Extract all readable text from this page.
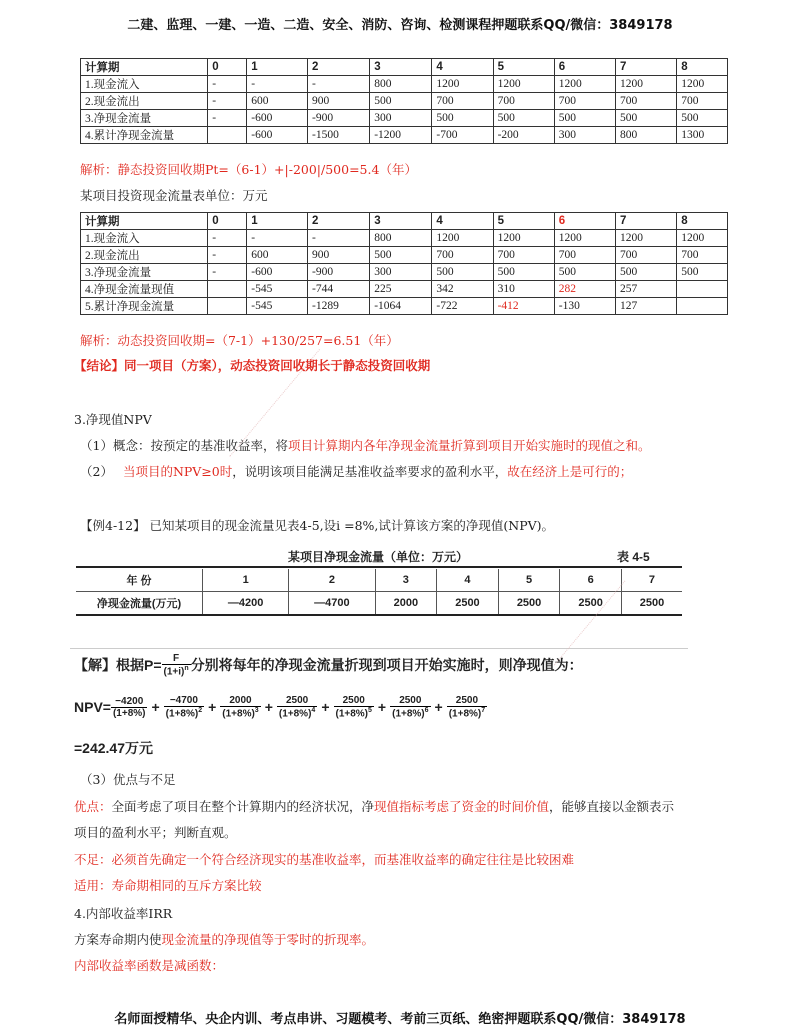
二建、监理、一建、一造、二造、安全、消防、咨询、检测课程押题联系QQ/微信：3849178
计算期	0	1	2	3	4	5	6	7	8
1.现金流入	-	-	-	800	1200	1200	1200	1200	1200
2.现金流出	-	600	900	500	700	700	700	700	700
3.净现金流量	-	-600	-900	300	500	500	500	500	500
4.累计净现金流量		-600	-1500	-1200	-700	-200	300	800	1300
解析：静态投资回收期Pt=（6-1）+|-200|/500=5.4（年）
某项目投资现金流量表单位：万元
计算期	0	1	2	3	4	5	6	7	8
1.现金流入	-	-	-	800	1200	1200	1200	1200	1200
2.现金流出	-	600	900	500	700	700	700	700	700
3.净现金流量	-	-600	-900	300	500	500	500	500	500
4.净现金流量现值		-545	-744	225	342	310	282	257	
5.累计净现金流量		-545	-1289	-1064	-722	-412	-130	127	
解析：动态投资回收期=（7-1）+130/257=6.51（年）
【结论】同一项目（方案），动态投资回收期长于静态投资回收期
3.净现值NPV
（1）概念：按预定的基准收益率，将项目计算期内各年净现金流量折算到项目开始实施时的现值之和。
（2） 当项目的NPV≥0时，说明该项目能满足基准收益率要求的盈利水平，故在经济上是可行的；
【例4-12】 已知某项目的现金流量见表4-5,设i =8%,试计算该方案的净现值(NPV)。
某项目净现金流量（单位：万元）	表 4-5
年 份	1	2	3	4	5	6	7
净现金流量(万元)	—4200	—4700	2000	2500	2500	2500	2500
【解】根据$P= \frac{F}{(1+i)^n}$ 分别将每年的净现金流量折现到项目开始实施时，则净现值为：
$NPV= \frac{-4200}{(1+8\%)} + \frac{-4700}{(1+8\%)^2} + \frac{2000}{(1+8\%)^3} + \frac{2500}{(1+8\%)^4} + \frac{2500}{(1+8\%)^5} + \frac{2500}{(1+8\%)^6} + \frac{2500}{(1+8\%)^7}$
=242.47万元
（3）优点与不足
优点：全面考虑了项目在整个计算期内的经济状况，净现值指标考虑了资金的时间价值，能够直接以金额表示
项目的盈利水平；判断直观。
不足：必须首先确定一个符合经济现实的基准收益率，而基准收益率的确定往往是比较困难
适用：寿命期相同的互斥方案比较
4.内部收益率IRR
方案寿命期内使现金流量的净现值等于零时的折现率。
内部收益率函数是减函数：
名师面授精华、央企内训、考点串讲、习题模考、考前三页纸、绝密押题联系QQ/微信：3849178
